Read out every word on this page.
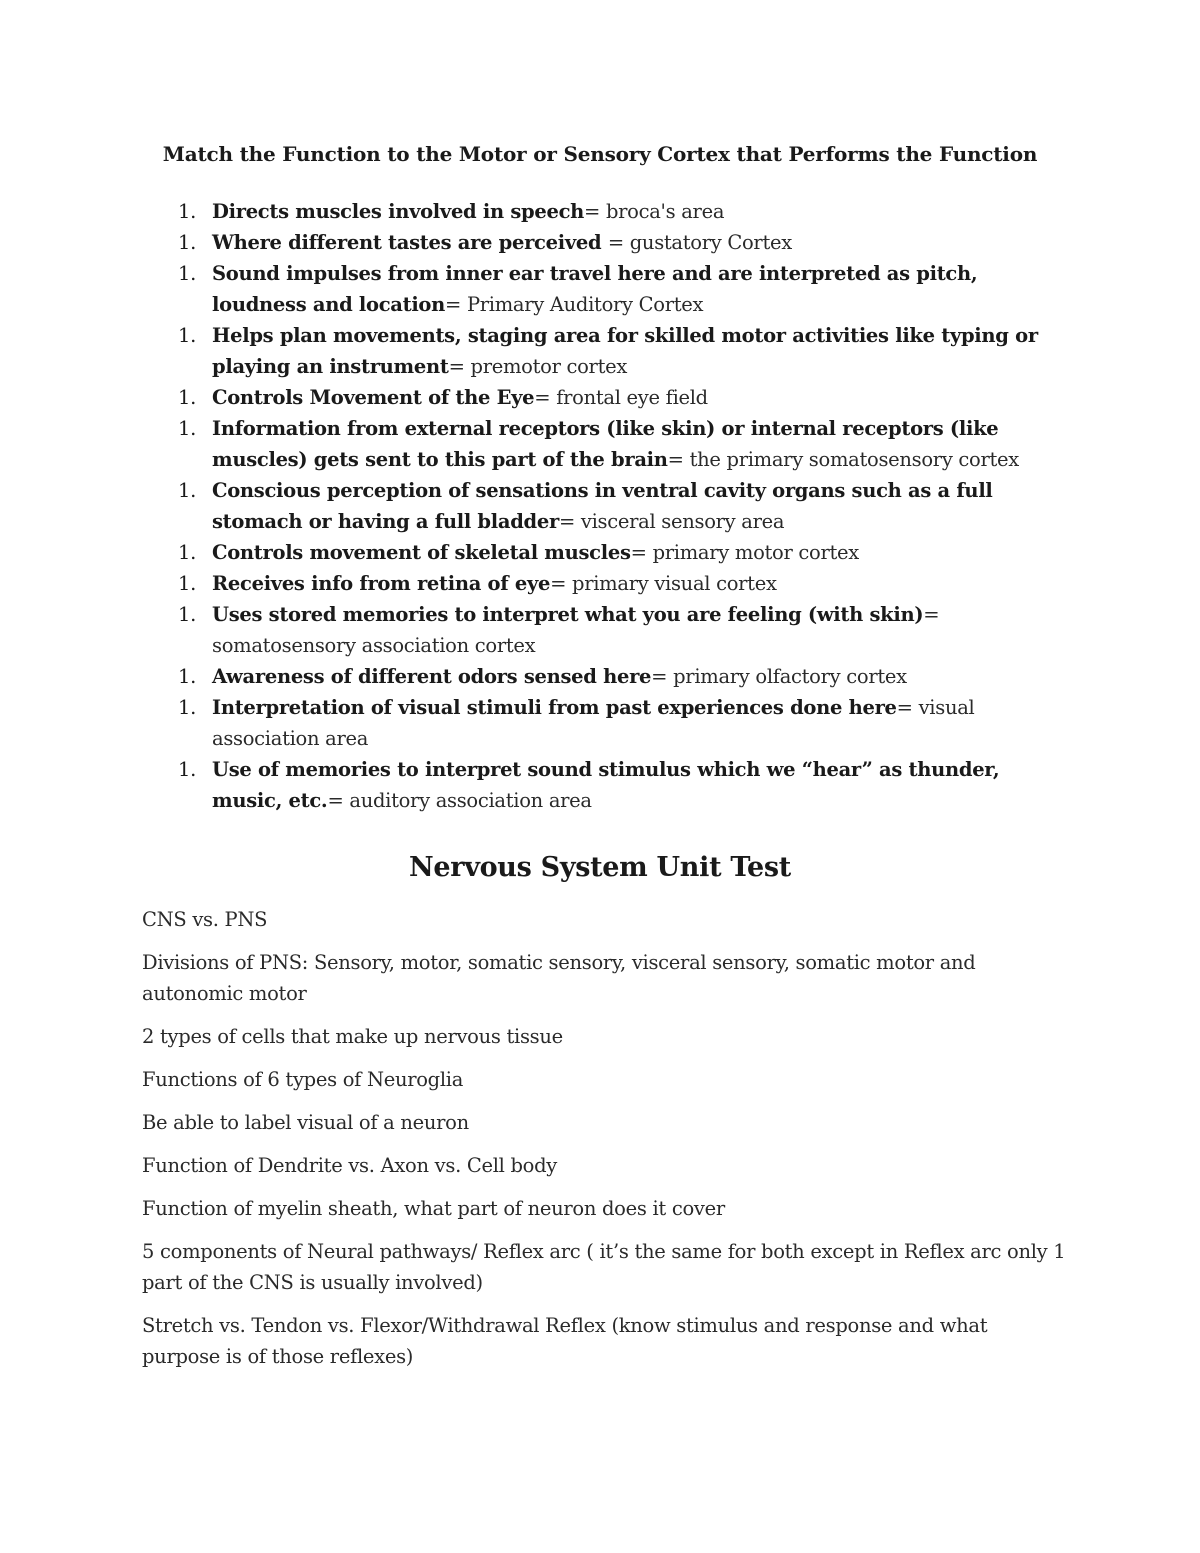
Match the Function to the Motor or Sensory Cortex that Performs the Function
1. Directs muscles involved in speech= broca's area
1. Where different tastes are perceived = gustatory Cortex
1. Sound impulses from inner ear travel here and are interpreted as pitch, loudness and location= Primary Auditory Cortex
1. Helps plan movements, staging area for skilled motor activities like typing or playing an instrument= premotor cortex
1. Controls Movement of the Eye= frontal eye field
1. Information from external receptors (like skin) or internal receptors (like muscles) gets sent to this part of the brain= the primary somatosensory cortex
1. Conscious perception of sensations in ventral cavity organs such as a full stomach or having a full bladder= visceral sensory area
1. Controls movement of skeletal muscles= primary motor cortex
1. Receives info from retina of eye= primary visual cortex
1. Uses stored memories to interpret what you are feeling (with skin)= somatosensory association cortex
1. Awareness of different odors sensed here= primary olfactory cortex
1. Interpretation of visual stimuli from past experiences done here= visual association area
1. Use of memories to interpret sound stimulus which we “hear” as thunder, music, etc.= auditory association area
Nervous System Unit Test

CNS vs. PNS

Divisions of PNS: Sensory, motor, somatic sensory, visceral sensory, somatic motor and autonomic motor

2 types of cells that make up nervous tissue

Functions of 6 types of Neuroglia

Be able to label visual of a neuron

Function of Dendrite vs. Axon vs. Cell body

Function of myelin sheath, what part of neuron does it cover

5 components of Neural pathways/ Reflex arc ( it’s the same for both except in Reflex arc only 1 part of the CNS is usually involved)

Stretch vs. Tendon vs. Flexor/Withdrawal Reflex (know stimulus and response and what purpose is of those reflexes)
